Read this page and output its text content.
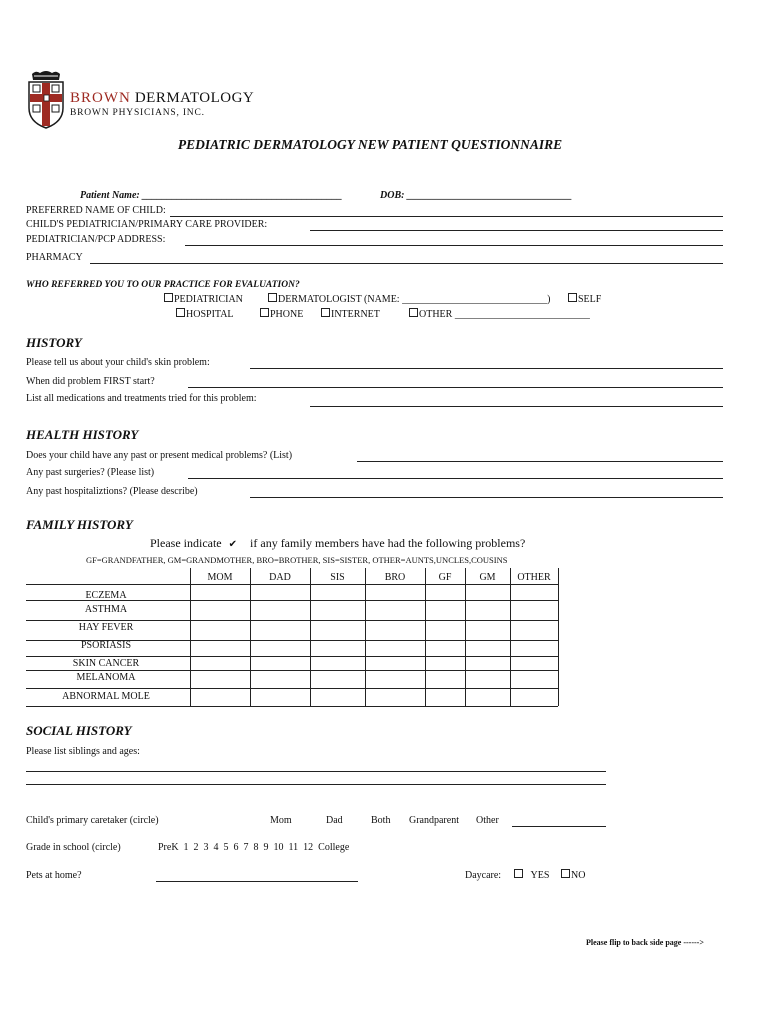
BROWN DERMATOLOGY
BROWN PHYSICIANS, INC.
PEDIATRIC DERMATOLOGY NEW PATIENT QUESTIONNAIRE
Patient Name: ________________________________________	DOB: _________________________________
PREFERRED NAME OF CHILD:
CHILD'S PEDIATRICIAN/PRIMARY CARE PROVIDER:
PEDIATRICIAN/PCP ADDRESS:
PHARMACY
WHO REFERRED YOU TO OUR PRACTICE FOR EVALUATION?
PEDIATRICIAN	DERMATOLOGIST (NAME: _____________________________)	SELF
HOSPITAL	PHONE	INTERNET	OTHER ___________________________
HISTORY
Please tell us about your child's skin problem:
When did problem FIRST start?
List all medications and treatments tried for this problem:
HEALTH HISTORY
Does your child have any past or present medical problems? (List)
Any past surgeries? (Please list)
Any past hospitaliztions? (Please describe)
FAMILY HISTORY
Please indicate ✔ if any family members have had the following problems?
GF=GRANDFATHER, GM=GRANDMOTHER, BRO=BROTHER, SIS=SISTER, OTHER=AUNTS,UNCLES,COUSINS
MOM	DAD	SIS	BRO	GF	GM	OTHER
ECZEMA
ASTHMA
HAY FEVER
PSORIASIS
SKIN CANCER
MELANOMA
ABNORMAL MOLE
SOCIAL HISTORY
Please list siblings and ages:
Child's primary caretaker (circle)	Mom	Dad	Both Grandparent Other
Grade in school (circle)	PreK  1  2  3  4  5  6  7  8  9  10  11  12  College
Pets at home?	Daycare:	YES	NO
Please flip to back side page ------>
